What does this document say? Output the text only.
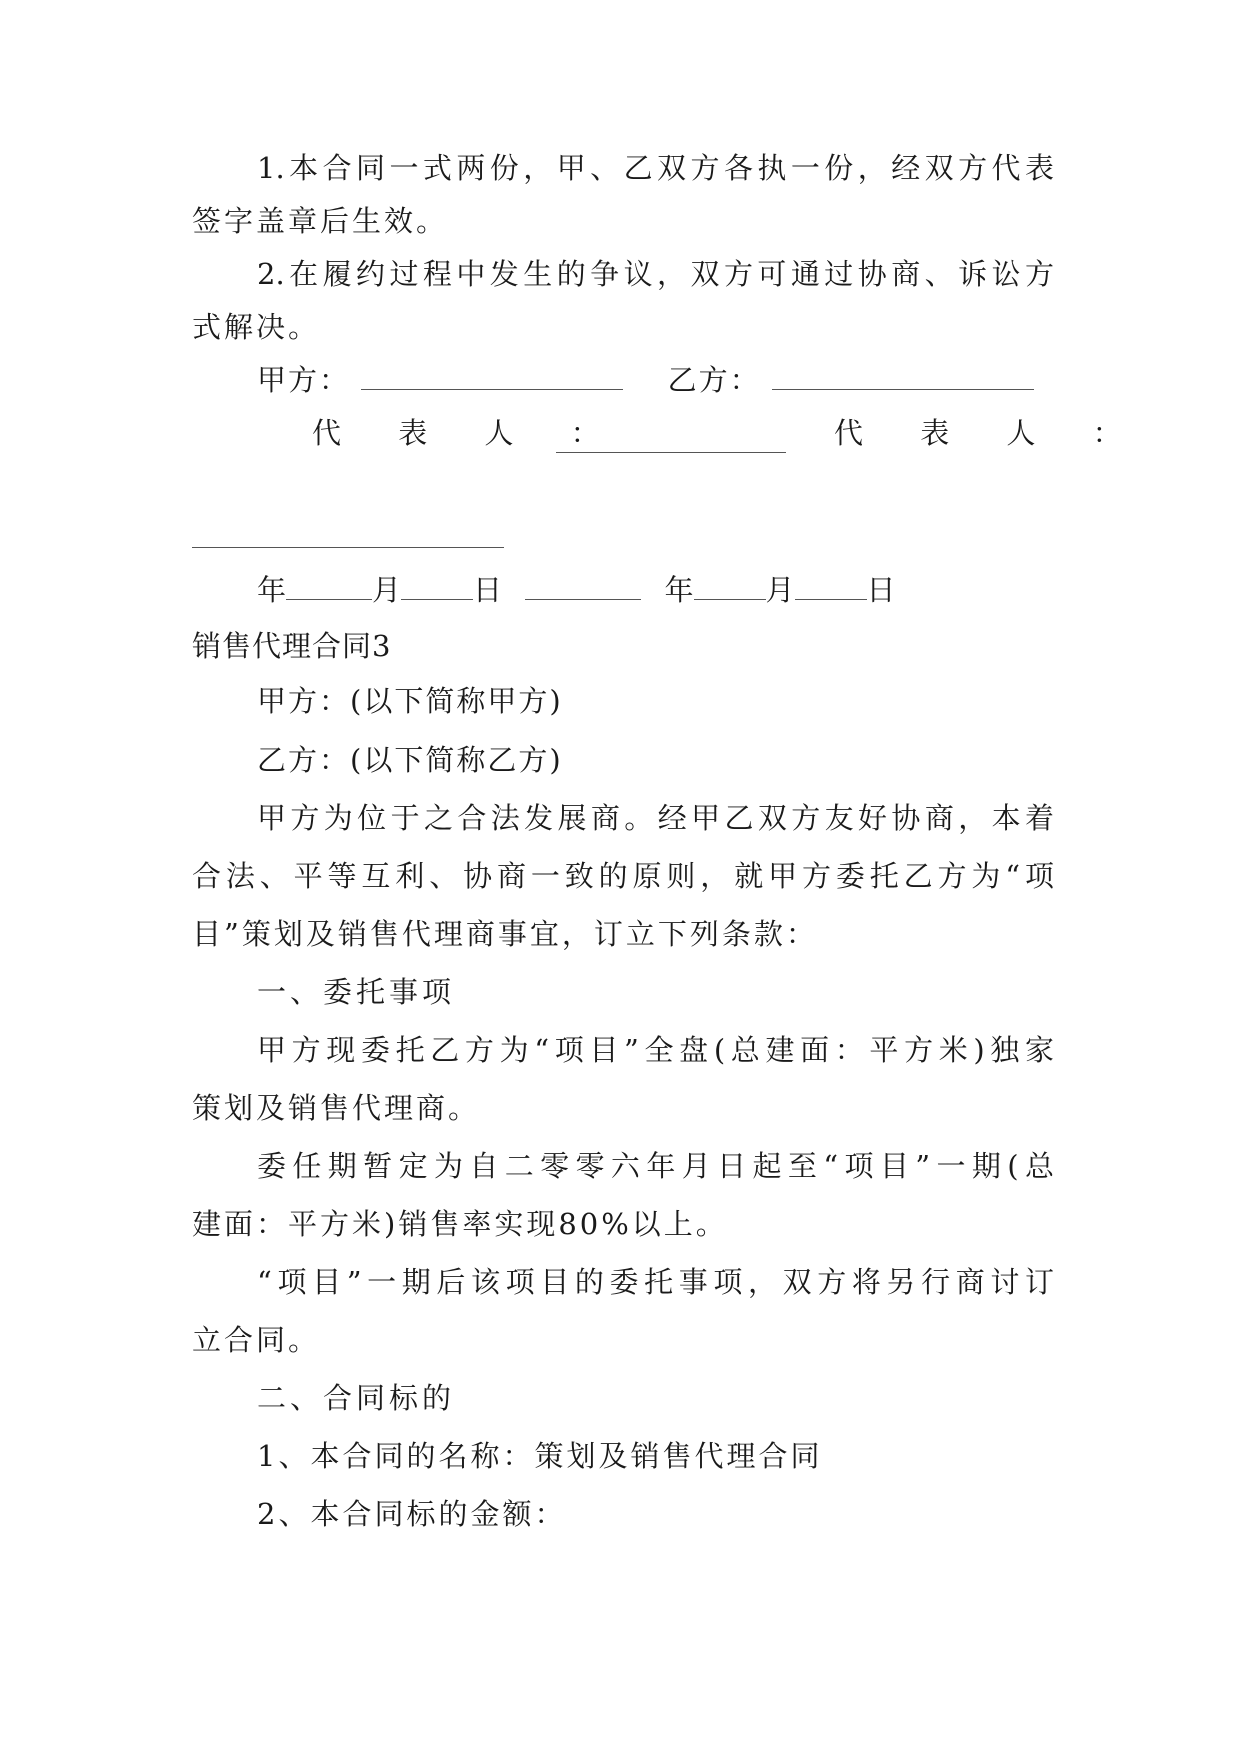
1.本合同一式两份，甲、乙双方各执一份，经双方代表
签字盖章后生效。
2.在履约过程中发生的争议，双方可通过协商、诉讼方
式解决。
甲方：	乙方：
代 表 人 ：	代 表 人 ：
年	月 日	年 月 日
销售代理合同3
甲方：(以下简称甲方)
乙方：(以下简称乙方)
甲方为位于之合法发展商。经甲乙双方友好协商，本着
合法、平等互利、协商一致的原则，就甲方委托乙方为“项
目”策划及销售代理商事宜，订立下列条款：
一、委托事项
甲方现委托乙方为“项目”全盘(总建面：平方米)独家
策划及销售代理商。
委任期暂定为自二零零六年月日起至“项目”一期(总
建面：平方米)销售率实现80%以上。
“项目”一期后该项目的委托事项，双方将另行商讨订
立合同。
二、合同标的
1、本合同的名称：策划及销售代理合同
2、本合同标的金额：
